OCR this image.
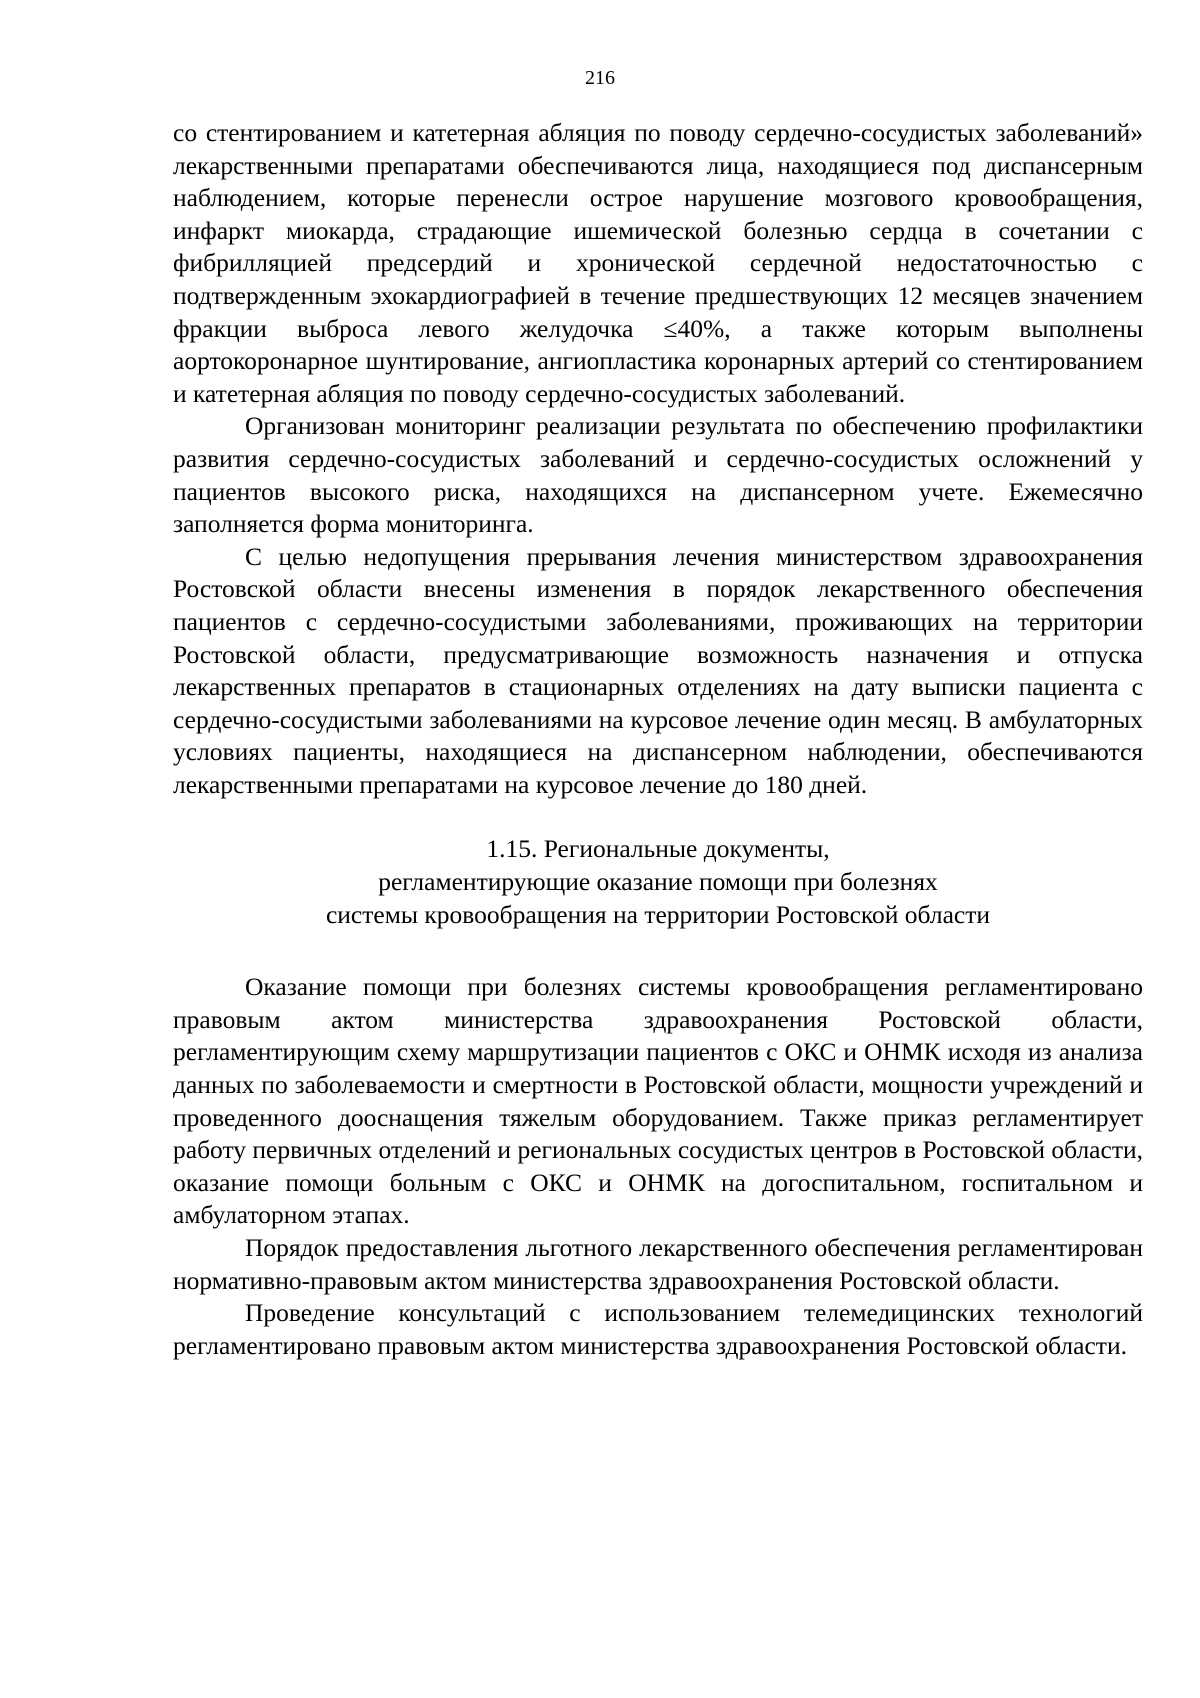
216

со стентированием и катетерная абляция по поводу сердечно-сосудистых заболеваний» лекарственными препаратами обеспечиваются лица, находящиеся под диспансерным наблюдением, которые перенесли острое нарушение мозгового кровообращения, инфаркт миокарда, страдающие ишемической болезнью сердца в сочетании с фибрилляцией предсердий и хронической сердечной недостаточностью с подтвержденным эхокардиографией в течение предшествующих 12 месяцев значением фракции выброса левого желудочка ≤40%, а также которым выполнены аортокоронарное шунтирование, ангиопластика коронарных артерий со стентированием и катетерная абляция по поводу сердечно-сосудистых заболеваний.

Организован мониторинг реализации результата по обеспечению профилактики развития сердечно-сосудистых заболеваний и сердечно-сосудистых осложнений у пациентов высокого риска, находящихся на диспансерном учете. Ежемесячно заполняется форма мониторинга.

С целью недопущения прерывания лечения министерством здравоохранения Ростовской области внесены изменения в порядок лекарственного обеспечения пациентов с сердечно-сосудистыми заболеваниями, проживающих на территории Ростовской области, предусматривающие возможность назначения и отпуска лекарственных препаратов в стационарных отделениях на дату выписки пациента с сердечно-сосудистыми заболеваниями на курсовое лечение один месяц. В амбулаторных условиях пациенты, находящиеся на диспансерном наблюдении, обеспечиваются лекарственными препаратами на курсовое лечение до 180 дней.

1.15. Региональные документы,
регламентирующие оказание помощи при болезнях
системы кровообращения на территории Ростовской области

Оказание помощи при болезнях системы кровообращения регламентировано правовым актом министерства здравоохранения Ростовской области, регламентирующим схему маршрутизации пациентов с ОКС и ОНМК исходя из анализа данных по заболеваемости и смертности в Ростовской области, мощности учреждений и проведенного дооснащения тяжелым оборудованием. Также приказ регламентирует работу первичных отделений и региональных сосудистых центров в Ростовской области, оказание помощи больным с ОКС и ОНМК на догоспитальном, госпитальном и амбулаторном этапах.

Порядок предоставления льготного лекарственного обеспечения регламентирован нормативно-правовым актом министерства здравоохранения Ростовской области.

Проведение консультаций с использованием телемедицинских технологий регламентировано правовым актом министерства здравоохранения Ростовской области.
